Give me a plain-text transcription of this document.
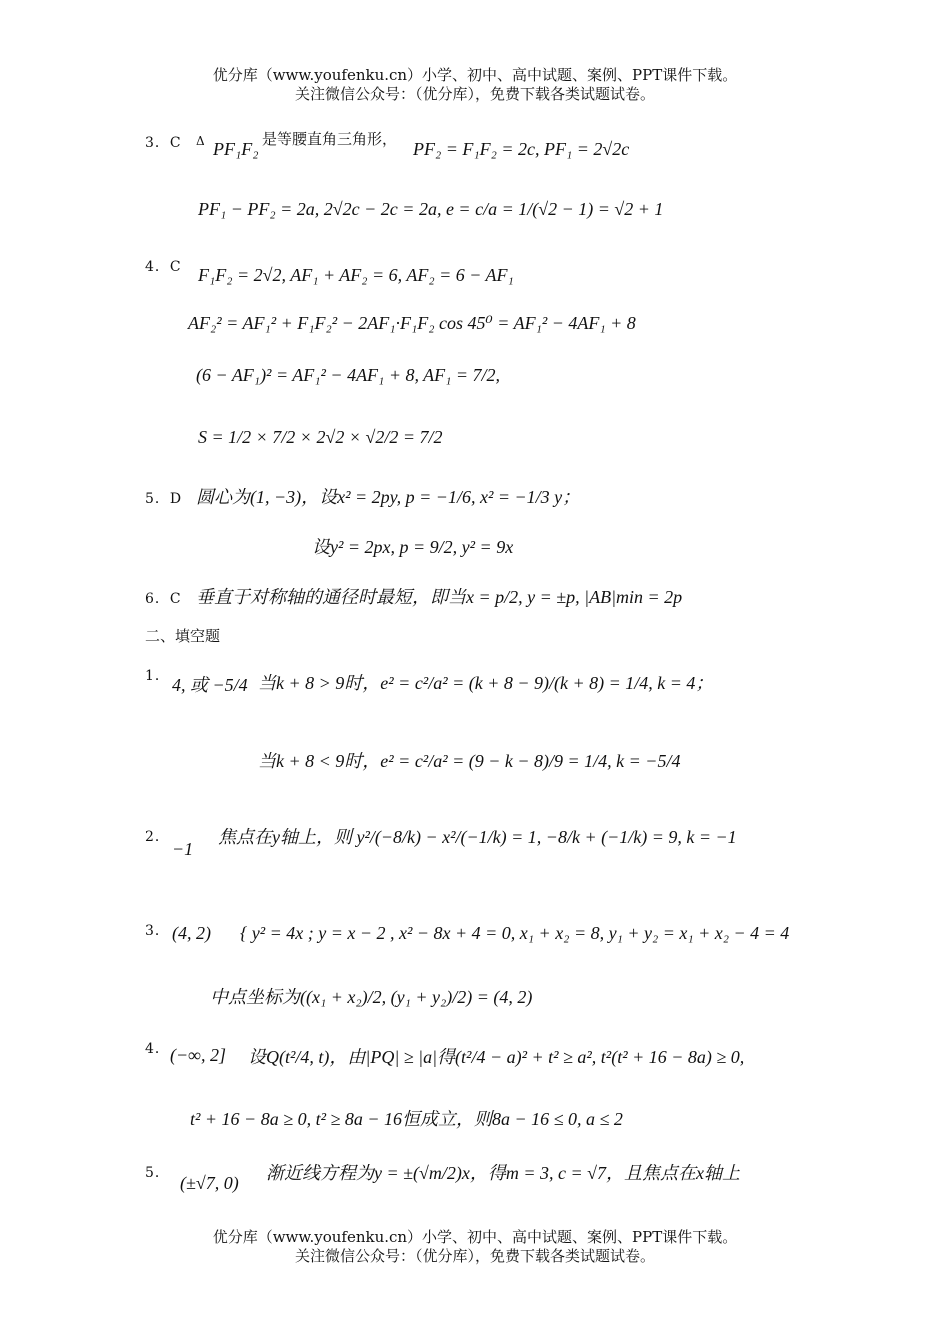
优分库（www.youfenku.cn）小学、初中、高中试题、案例、PPT课件下载。
关注微信公众号：（优分库），免费下载各类试题试卷。
3．C Δ PF₁F₂ 是等腰直角三角形， PF₂ = F₁F₂ = 2c, PF₁ = 2√2c
PF₁ − PF₂ = 2a, 2√2c − 2c = 2a, e = c/a = 1/(√2 − 1) = √2 + 1
4．C F₁F₂ = 2√2, AF₁ + AF₂ = 6, AF₂ = 6 − AF₁
AF₂² = AF₁² + F₁F₂² − 2AF₁·F₁F₂ cos 45⁰ = AF₁² − 4AF₁ + 8
(6 − AF₁)² = AF₁² − 4AF₁ + 8, AF₁ = 7/2,
S = 1/2 × 7/2 × 2√2 × √2/2 = 7/2
5．D 圆心为(1, −3)，设x² = 2py, p = −1/6, x² = −1/3 y；
设y² = 2px, p = 9/2, y² = 9x
6．C 垂直于对称轴的通径时最短，即当x = p/2, y = ±p, |AB|min = 2p
二、填空题
1． 4, 或 −5/4 当k + 8 > 9时，e² = c²/a² = (k + 8 − 9)/(k + 8) = 1/4, k = 4；
当k + 8 < 9时，e² = c²/a² = (9 − k − 8)/9 = 1/4, k = −5/4
2．
−1
焦点在y轴上，则 y²/(−8/k) − x²/(−1/k) = 1, −8/k + (−1/k) = 9, k = −1
3． (4, 2) { y² = 4x ; y = x − 2 , x² − 8x + 4 = 0, x₁ + x₂ = 8, y₁ + y₂ = x₁ + x₂ − 4 = 4
中点坐标为((x₁ + x₂)/2, (y₁ + y₂)/2) = (4, 2)
4． (−∞, 2] 设Q(t²/4, t)，由|PQ| ≥ |a|得(t²/4 − a)² + t² ≥ a², t²(t² + 16 − 8a) ≥ 0,
t² + 16 − 8a ≥ 0, t² ≥ 8a − 16恒成立，则8a − 16 ≤ 0, a ≤ 2
5． (±√7, 0) 渐近线方程为y = ±(√m/2)x，得m = 3, c = √7，且焦点在x轴上
优分库（www.youfenku.cn）小学、初中、高中试题、案例、PPT课件下载。
关注微信公众号：（优分库），免费下载各类试题试卷。
